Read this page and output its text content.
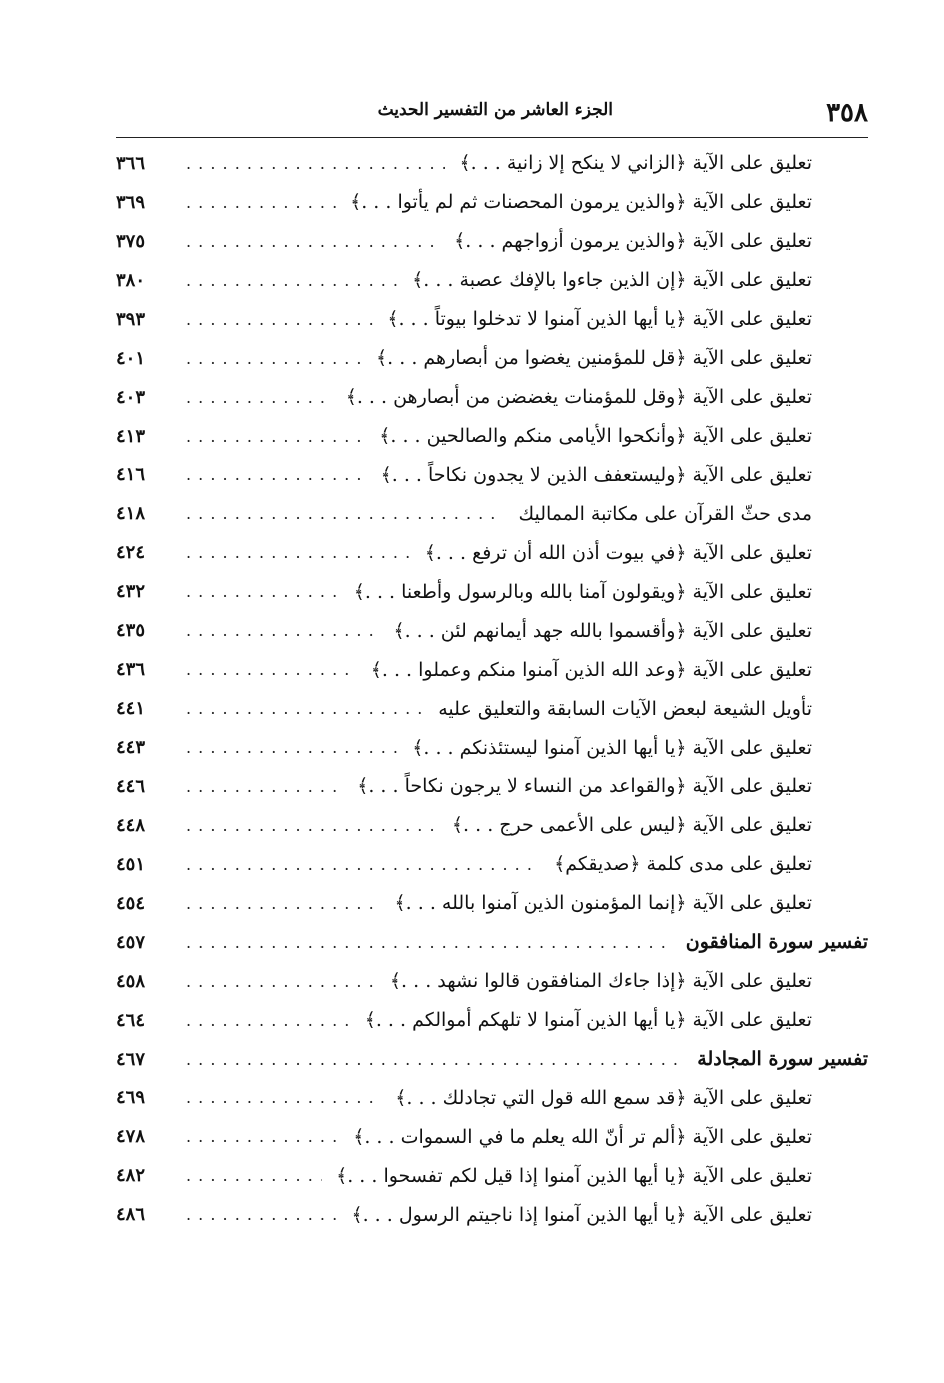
٣٥٨
الجزء العاشر من التفسير الحديث
تعليق على الآية ﴿الزاني لا ينكح إلا زانية . . .﴾
. . .
٣٦٦
تعليق على الآية ﴿والذين يرمون المحصنات ثم لم يأتوا . . .﴾
. . .
٣٦٩
تعليق على الآية ﴿والذين يرمون أزواجهم . . .﴾
. . .
٣٧٥
تعليق على الآية ﴿إن الذين جاءوا بالإفك عصبة . . .﴾
. . .
٣٨٠
تعليق على الآية ﴿يا أيها الذين آمنوا لا تدخلوا بيوتاً . . .﴾
. . .
٣٩٣
تعليق على الآية ﴿قل للمؤمنين يغضوا من أبصارهم . . .﴾
. . .
٤٠١
تعليق على الآية ﴿وقل للمؤمنات يغضضن من أبصارهن . . .﴾
. . .
٤٠٣
تعليق على الآية ﴿وأنكحوا الأيامى منكم والصالحين . . .﴾
. . .
٤١٣
تعليق على الآية ﴿وليستعفف الذين لا يجدون نكاحاً . . .﴾
. . .
٤١٦
مدى حثّ القرآن على مكاتبة المماليك
. . .
٤١٨
تعليق على الآية ﴿في بيوت أذن الله أن ترفع . . .﴾
. . .
٤٢٤
تعليق على الآية ﴿ويقولون آمنا بالله وبالرسول وأطعنا . . .﴾
. . .
٤٣٢
تعليق على الآية ﴿وأقسموا بالله جهد أيمانهم لئن . . .﴾
. . .
٤٣٥
تعليق على الآية ﴿وعد الله الذين آمنوا منكم وعملوا . . .﴾
. . .
٤٣٦
تأويل الشيعة لبعض الآيات السابقة والتعليق عليه
. . .
٤٤١
تعليق على الآية ﴿يا أيها الذين آمنوا ليستئذنكم . . .﴾
. . .
٤٤٣
تعليق على الآية ﴿والقواعد من النساء لا يرجون نكاحاً . . .﴾
. . .
٤٤٦
تعليق على الآية ﴿ليس على الأعمى حرج . . .﴾
. . .
٤٤٨
تعليق على مدى كلمة ﴿صديقكم﴾
. . .
٤٥١
تعليق على الآية ﴿إنما المؤمنون الذين آمنوا بالله . . .﴾
. . .
٤٥٤
تفسير سورة المنافقون
. . .
٤٥٧
تعليق على الآية ﴿إذا جاءك المنافقون قالوا نشهد . . .﴾
. . .
٤٥٨
تعليق على الآية ﴿يا أيها الذين آمنوا لا تلهكم أموالكم . . .﴾
. . .
٤٦٤
تفسير سورة المجادلة
. . .
٤٦٧
تعليق على الآية ﴿قد سمع الله قول التي تجادلك . . .﴾
. . .
٤٦٩
تعليق على الآية ﴿ألم تر أنّ الله يعلم ما في السموات . . .﴾
. . .
٤٧٨
تعليق على الآية ﴿يا أيها الذين آمنوا إذا قيل لكم تفسحوا . . .﴾
. . .
٤٨٢
تعليق على الآية ﴿يا أيها الذين آمنوا إذا ناجيتم الرسول . . .﴾
. . .
٤٨٦
